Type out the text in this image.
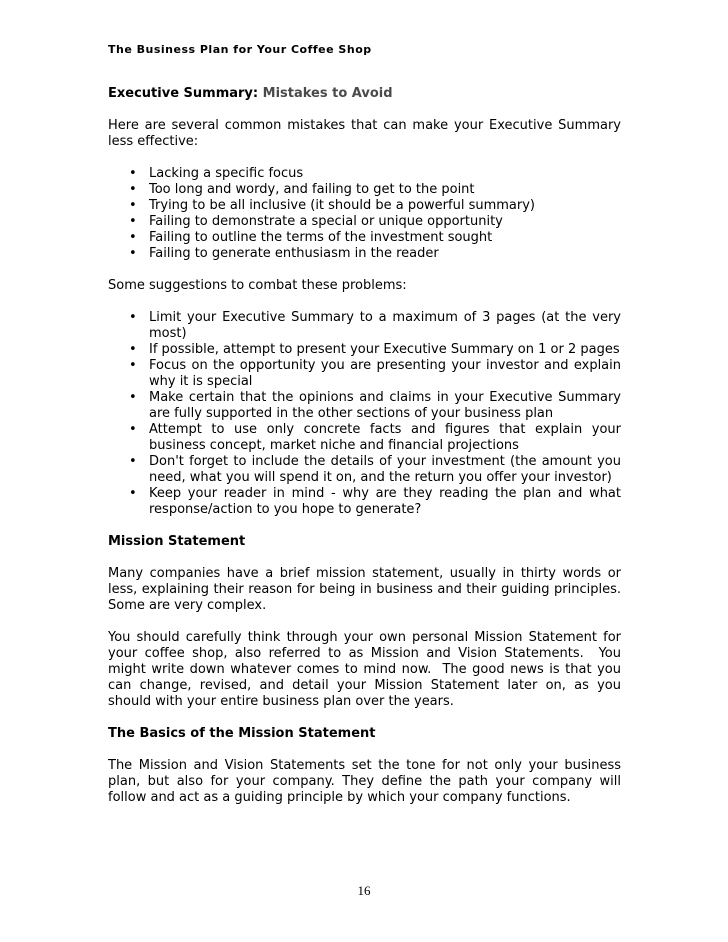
The Business Plan for Your Coffee Shop
Executive Summary: Mistakes to Avoid

Here are several common mistakes that can make your Executive Summary less effective:

• Lacking a specific focus
• Too long and wordy, and failing to get to the point
• Trying to be all inclusive (it should be a powerful summary)
• Failing to demonstrate a special or unique opportunity
• Failing to outline the terms of the investment sought
• Failing to generate enthusiasm in the reader

Some suggestions to combat these problems:

• Limit your Executive Summary to a maximum of 3 pages (at the very most)
• If possible, attempt to present your Executive Summary on 1 or 2 pages
• Focus on the opportunity you are presenting your investor and explain why it is special
• Make certain that the opinions and claims in your Executive Summary are fully supported in the other sections of your business plan
• Attempt to use only concrete facts and figures that explain your business concept, market niche and financial projections
• Don't forget to include the details of your investment (the amount you need, what you will spend it on, and the return you offer your investor)
• Keep your reader in mind - why are they reading the plan and what response/action to you hope to generate?
Mission Statement

Many companies have a brief mission statement, usually in thirty words or less, explaining their reason for being in business and their guiding principles. Some are very complex.

You should carefully think through your own personal Mission Statement for your coffee shop, also referred to as Mission and Vision Statements.  You might write down whatever comes to mind now.  The good news is that you can change, revised, and detail your Mission Statement later on, as you should with your entire business plan over the years.

The Basics of the Mission Statement

The Mission and Vision Statements set the tone for not only your business plan, but also for your company. They define the path your company will follow and act as a guiding principle by which your company functions.

16
